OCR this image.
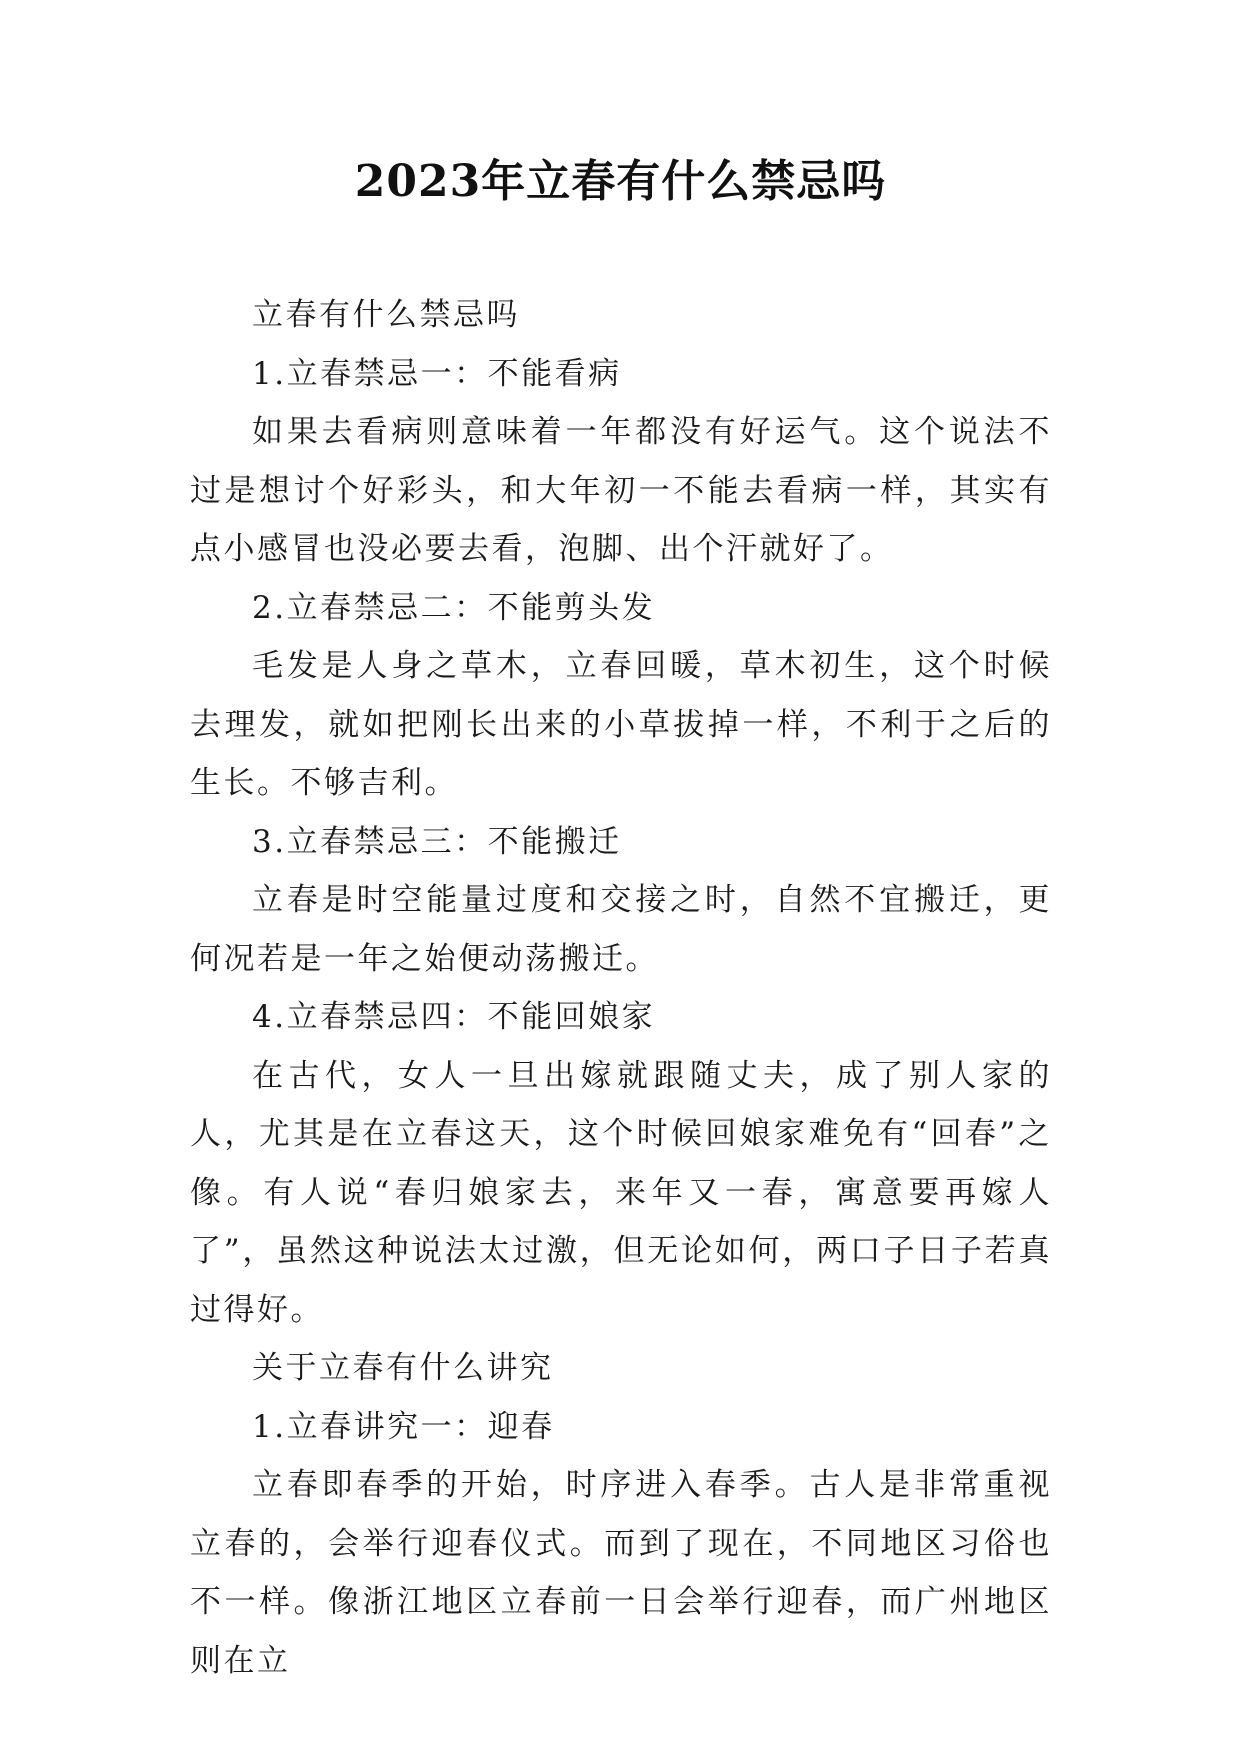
2023年立春有什么禁忌吗

立春有什么禁忌吗

1.立春禁忌一：不能看病

如果去看病则意味着一年都没有好运气。这个说法不过是想讨个好彩头，和大年初一不能去看病一样，其实有点小感冒也没必要去看，泡脚、出个汗就好了。

2.立春禁忌二：不能剪头发

毛发是人身之草木，立春回暖，草木初生，这个时候去理发，就如把刚长出来的小草拔掉一样，不利于之后的生长。不够吉利。

3.立春禁忌三：不能搬迁

立春是时空能量过度和交接之时，自然不宜搬迁，更何况若是一年之始便动荡搬迁。

4.立春禁忌四：不能回娘家

在古代，女人一旦出嫁就跟随丈夫，成了别人家的人，尤其是在立春这天，这个时候回娘家难免有“回春”之像。有人说“春归娘家去，来年又一春，寓意要再嫁人了”，虽然这种说法太过激，但无论如何，两口子日子若真过得好。

关于立春有什么讲究

1.立春讲究一：迎春

立春即春季的开始，时序进入春季。古人是非常重视立春的，会举行迎春仪式。而到了现在，不同地区习俗也不一样。像浙江地区立春前一日会举行迎春，而广州地区则在立
